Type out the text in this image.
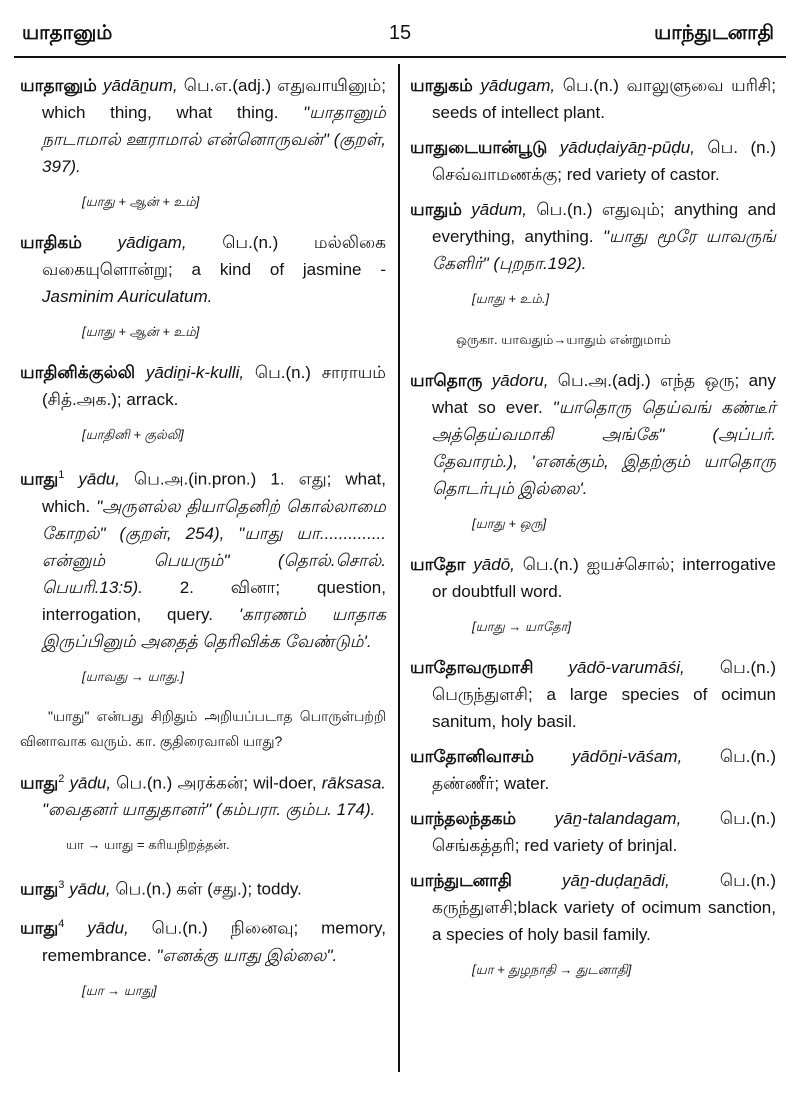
யாதானும்	15	யாந்துடனாதி
யாதானும் yādāṉum, பெ.எ.(adj.) எதுவாயினும்; which thing, what thing. "யாதானும் நாடாமால் ஊராமால் என்னொருவன்" (குறள், 397).
[யாது + ஆன் + உம்]
யாதிகம் yādigam, பெ.(n.) மல்லிகை வகையுளொன்று; a kind of jasmine - Jasminim Auriculatum.
[யாது + ஆன் + உம்]
யாதினிக்குல்லி yādiṉi-k-kulli, பெ.(n.) சாராயம் (சித்.அக.); arrack.
[யாதினி + குல்லி]
யாது$^1$ yādu, பெ.அ.(in.pron.) 1. எது; what, which. "அருளல்ல தியாதெனிற் கொல்லாமை கோறல்" (குறள், 254), "யாது யா.............. என்னும் பெயரும்" (தொல்.சொல். பெயரி.13:5). 2. வினா; question, interrogation, query. 'காரணம் யாதாக இருப்பினும் அதைத் தெரிவிக்க வேண்டும்'.
[யாவது → யாது.]
"யாது" என்பது சிறிதும் அறியப்படாத பொருள்பற்றி வினாவாக வரும். கா. குதிரைவாலி யாது?
யாது$^2$ yādu, பெ.(n.) அரக்கன்; wil-doer, rāksasa. "வைதனர் யாதுதானர்" (கம்பரா. கும்ப. 174).
யா → யாது = கரியநிறத்தன்.
யாது$^3$ yādu, பெ.(n.) கள் (சது.); toddy.
யாது$^4$ yādu, பெ.(n.) நினைவு; memory, remembrance. "எனக்கு யாது இல்லை".
[யா → யாது]
யாதுகம் yādugam, பெ.(n.) வாலுளுவை யரிசி; seeds of intellect plant.
யாதுடையான்பூடு yāduḍaiyāṉ-pūḍu, பெ. (n.) செவ்வாமணக்கு; red variety of castor.
யாதும் yādum, பெ.(n.) எதுவும்; anything and everything, anything. "யாது மூரே யாவருங் கேளிர்" (புறநா.192).
[யாது + உம்.]
ஒருகா. யாவதும்→யாதும் என்றுமாம்
யாதொரு yādoru, பெ.அ.(adj.) எந்த ஒரு; any what so ever. "யாதொரு தெய்வங் கண்டீர் அத்தெய்வமாகி அங்கே" (அப்பர். தேவாரம்.), 'எனக்கும், இதற்கும் யாதொரு தொடர்பும் இல்லை'.
[யாது + ஒரு]
யாதோ yādō, பெ.(n.) ஐயச்சொல்; interrogative or doubtfull word.
[யாது → யாதோ]
யாதோவருமாசி yādō-varumāśi, பெ.(n.) பெருந்துளசி; a large species of ocimun sanitum, holy basil.
யாதோனிவாசம் yādōṉi-vāśam, பெ.(n.) தண்ணீர்; water.
யாந்தலந்தகம் yāṉ-talandagam, பெ.(n.) செங்கத்தரி; red variety of brinjal.
யாந்துடனாதி	yāṉ-duḍaṉādi,	பெ.(n.) கருந்துளசி;black variety of ocimum sanction, a species of holy basil family.
[யா + துழநாதி → துடனாதி]
